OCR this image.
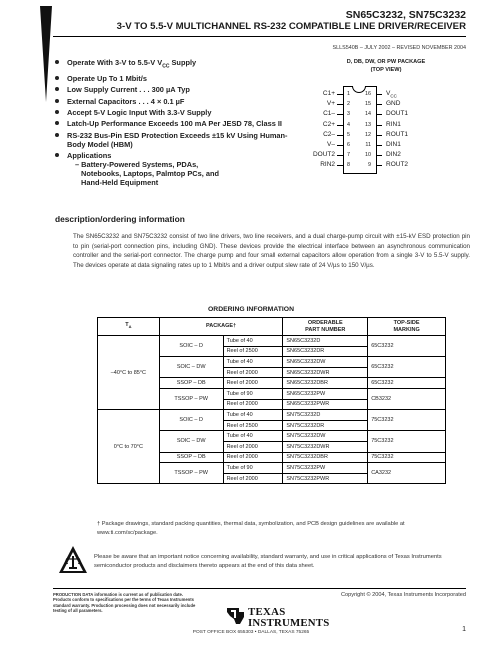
SN65C3232, SN75C3232
3-V TO 5.5-V MULTICHANNEL RS-232 COMPATIBLE LINE DRIVER/RECEIVER
SLLS540B – JULY 2002 – REVISED NOVEMBER 2004
Operate With 3-V to 5.5-V $V_{CC}$ Supply
Operate Up To 1 Mbit/s
Low Supply Current . . . 300 µA Typ
External Capacitors . . . 4 × 0.1 µF
Accept 5-V Logic Input With 3.3-V Supply
Latch-Up Performance Exceeds 100 mA Per JESD 78, Class II
RS-232 Bus-Pin ESD Protection Exceeds ±15 kV Using Human-Body Model (HBM)
Applications
– Battery-Powered Systems, PDAs,
Notebooks, Laptops, Palmtop PCs, and
Hand-Held Equipment
D, DB, DW, OR PW PACKAGE
(TOP VIEW)
C1+ 1
V+ 2
C1– 3
C2+ 4
C2– 5
V– 6
DOUT2 7
RIN2 8
16 $V_{CC}$
15 GND
14 DOUT1
13 RIN1
12 ROUT1
11 DIN1
10 DIN2
9 ROUT2
description/ordering information
The SN65C3232 and SN75C3232 consist of two line drivers, two line receivers, and a dual charge-pump circuit with ±15-kV ESD protection pin to pin (serial-port connection pins, including GND). These devices provide the electrical interface between an asynchronous communication controller and the serial-port connector. The charge pump and four small external capacitors allow operation from a single 3-V to 5.5-V supply. The devices operate at data signaling rates up to 1 Mbit/s and a driver output slew rate of 24 V/µs to 150 V/µs.
ORDERING INFORMATION
$T_A$	PACKAGE†		ORDERABLE
PART NUMBER	TOP-SIDE
MARKING
–40°C to 85°C	SOIC – D	Tube of 40	SN65C3232D	65C3232
		Reel of 2500	SN65C3232DR	
	SOIC – DW	Tube of 40	SN65C3232DW	65C3232
		Reel of 2000	SN65C3232DWR	
	SSOP – DB	Reel of 2000	SN65C3232DBR	65C3232
	TSSOP – PW	Tube of 90	SN65C3232PW	CB3232
		Reel of 2000	SN65C3232PWR	
0°C to 70°C	SOIC – D	Tube of 40	SN75C3232D	75C3232
		Reel of 2500	SN75C3232DR	
	SOIC – DW	Tube of 40	SN75C3232DW	75C3232
		Reel of 2000	SN75C3232DWR	
	SSOP – DB	Reel of 2000	SN75C3232DBR	75C3232
	TSSOP – PW	Tube of 90	SN75C3232PW	CA3232
		Reel of 2000	SN75C3232PWR	
† Package drawings, standard packing quantities, thermal data, symbolization, and PCB design guidelines are available at www.ti.com/sc/package.
Please be aware that an important notice concerning availability, standard warranty, and use in critical applications of Texas Instruments semiconductor products and disclaimers thereto appears at the end of this data sheet.
PRODUCTION DATA information is current as of publication date. Products conform to specifications per the terms of Texas Instruments standard warranty. Production processing does not necessarily include testing of all parameters.
Copyright © 2004, Texas Instruments Incorporated
TEXAS
INSTRUMENTS
POST OFFICE BOX 655303 • DALLAS, TEXAS 75265	1
